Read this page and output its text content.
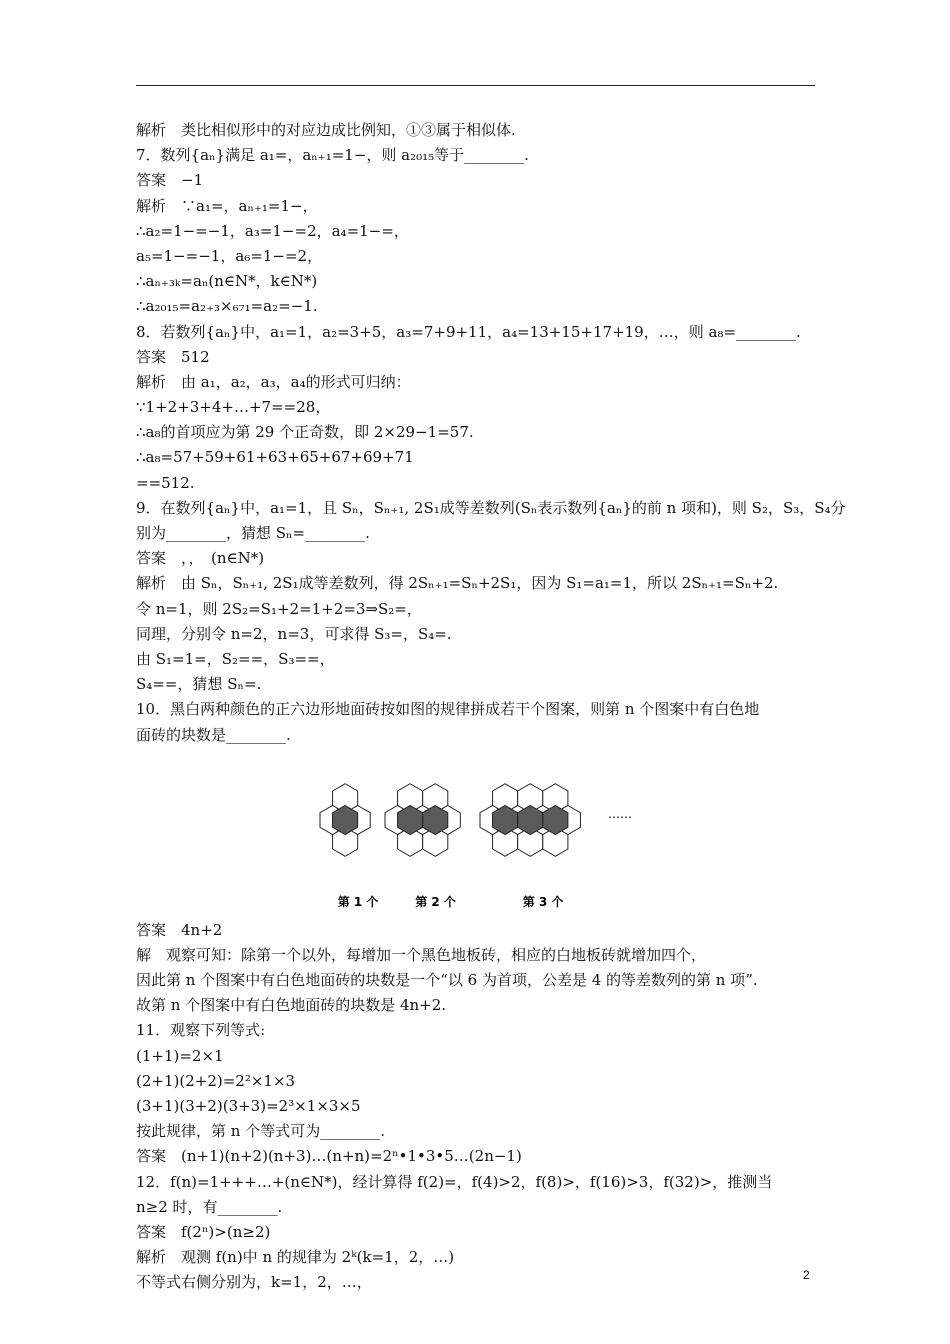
解析　类比相似形中的对应边成比例知，①③属于相似体.
7．数列{aₙ}满足 a₁=，aₙ₊₁=1−，则 a₂₀₁₅等于________.
答案　−1
解析　∵a₁=，aₙ₊₁=1−，
∴a₂=1−=−1，a₃=1−=2，a₄=1−=，
a₅=1−=−1，a₆=1−=2，
∴aₙ₊₃ₖ=aₙ(n∈N*，k∈N*)
∴a₂₀₁₅=a₂₊₃×₆₇₁=a₂=−1.
8．若数列{aₙ}中，a₁=1，a₂=3+5，a₃=7+9+11，a₄=13+15+17+19，…，则 a₈=________.
答案　512
解析　由 a₁，a₂，a₃，a₄的形式可归纳：
∵1+2+3+4+…+7==28，
∴a₈的首项应为第 29 个正奇数，即 2×29−1=57.
∴a₈=57+59+61+63+65+67+69+71
==512.
9．在数列{aₙ}中，a₁=1，且 Sₙ，Sₙ₊₁, 2S₁成等差数列(Sₙ表示数列{aₙ}的前 n 项和)，则 S₂，S₃，S₄分
别为________，猜想 Sₙ=________.
答案　，，　(n∈N*)
解析　由 Sₙ，Sₙ₊₁, 2S₁成等差数列，得 2Sₙ₊₁=Sₙ+2S₁，因为 S₁=a₁=1，所以 2Sₙ₊₁=Sₙ+2.
令 n=1，则 2S₂=S₁+2=1+2=3⇒S₂=，
同理，分别令 n=2，n=3，可求得 S₃=，S₄=.
由 S₁=1=，S₂==，S₃==，
S₄==，猜想 Sₙ=.
10．黑白两种颜色的正六边形地面砖按如图的规律拼成若干个图案，则第 n 个图案中有白色地
面砖的块数是________.
第 1 个	第 2 个	第 3 个
……
答案　4n+2
解　观察可知：除第一个以外，每增加一个黑色地板砖，相应的白地板砖就增加四个，
因此第 n 个图案中有白色地面砖的块数是一个“以 6 为首项，公差是 4 的等差数列的第 n 项”.
故第 n 个图案中有白色地面砖的块数是 4n+2.
11．观察下列等式:
(1+1)=2×1
(2+1)(2+2)=2²×1×3
(3+1)(3+2)(3+3)=2³×1×3×5
按此规律，第 n 个等式可为________.
答案　(n+1)(n+2)(n+3)…(n+n)=2ⁿ•1•3•5…(2n−1)
12．f(n)=1+++…+(n∈N*)，经计算得 f(2)=，f(4)>2，f(8)>，f(16)>3，f(32)>，推测当
n≥2 时，有________.
答案　f(2ⁿ)>(n≥2)
解析　观测 f(n)中 n 的规律为 2ᵏ(k=1，2，…)
不等式右侧分别为，k=1，2，…，	2
